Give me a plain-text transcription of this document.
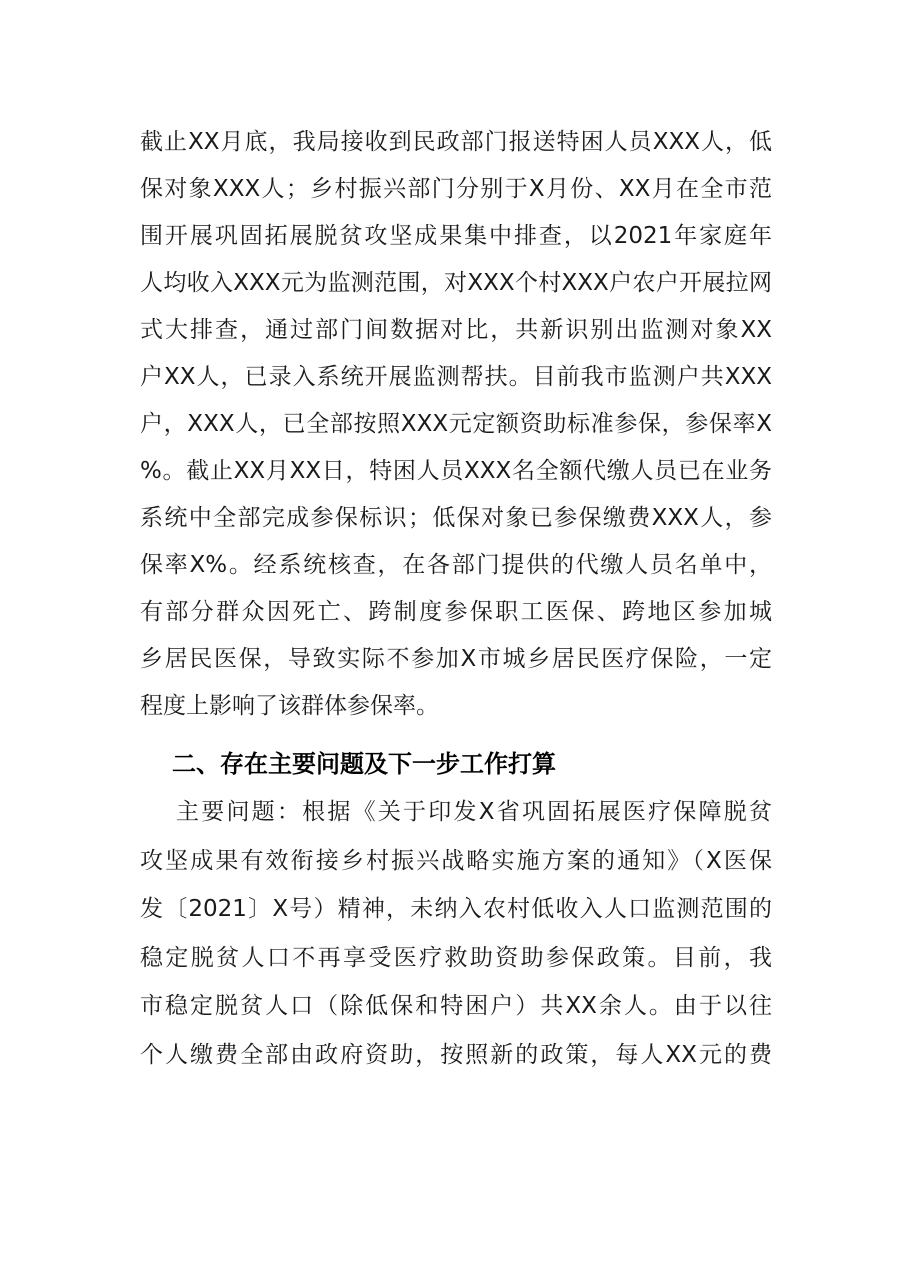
截止XX月底，我局接收到民政部门报送特困人员XXX人，低
保对象XXX人；乡村振兴部门分别于X月份、XX月在全市范
围开展巩固拓展脱贫攻坚成果集中排查，以2021年家庭年
人均收入XXX元为监测范围，对XXX个村XXX户农户开展拉网
式大排查，通过部门间数据对比，共新识别出监测对象XX
户XX人，已录入系统开展监测帮扶。目前我市监测户共XXX
户，XXX人，已全部按照XXX元定额资助标准参保，参保率X
%。截止XX月XX日，特困人员XXX名全额代缴人员已在业务
系统中全部完成参保标识；低保对象已参保缴费XXX人，参
保率X%。经系统核查，在各部门提供的代缴人员名单中，
有部分群众因死亡、跨制度参保职工医保、跨地区参加城
乡居民医保，导致实际不参加X市城乡居民医疗保险，一定
程度上影响了该群体参保率。
二、存在主要问题及下一步工作打算
主要问题：根据《关于印发X省巩固拓展医疗保障脱贫
攻坚成果有效衔接乡村振兴战略实施方案的通知》（X医保
发〔2021〕X号）精神，未纳入农村低收入人口监测范围的
稳定脱贫人口不再享受医疗救助资助参保政策。目前，我
市稳定脱贫人口（除低保和特困户）共XX余人。由于以往
个人缴费全部由政府资助，按照新的政策，每人XX元的费
